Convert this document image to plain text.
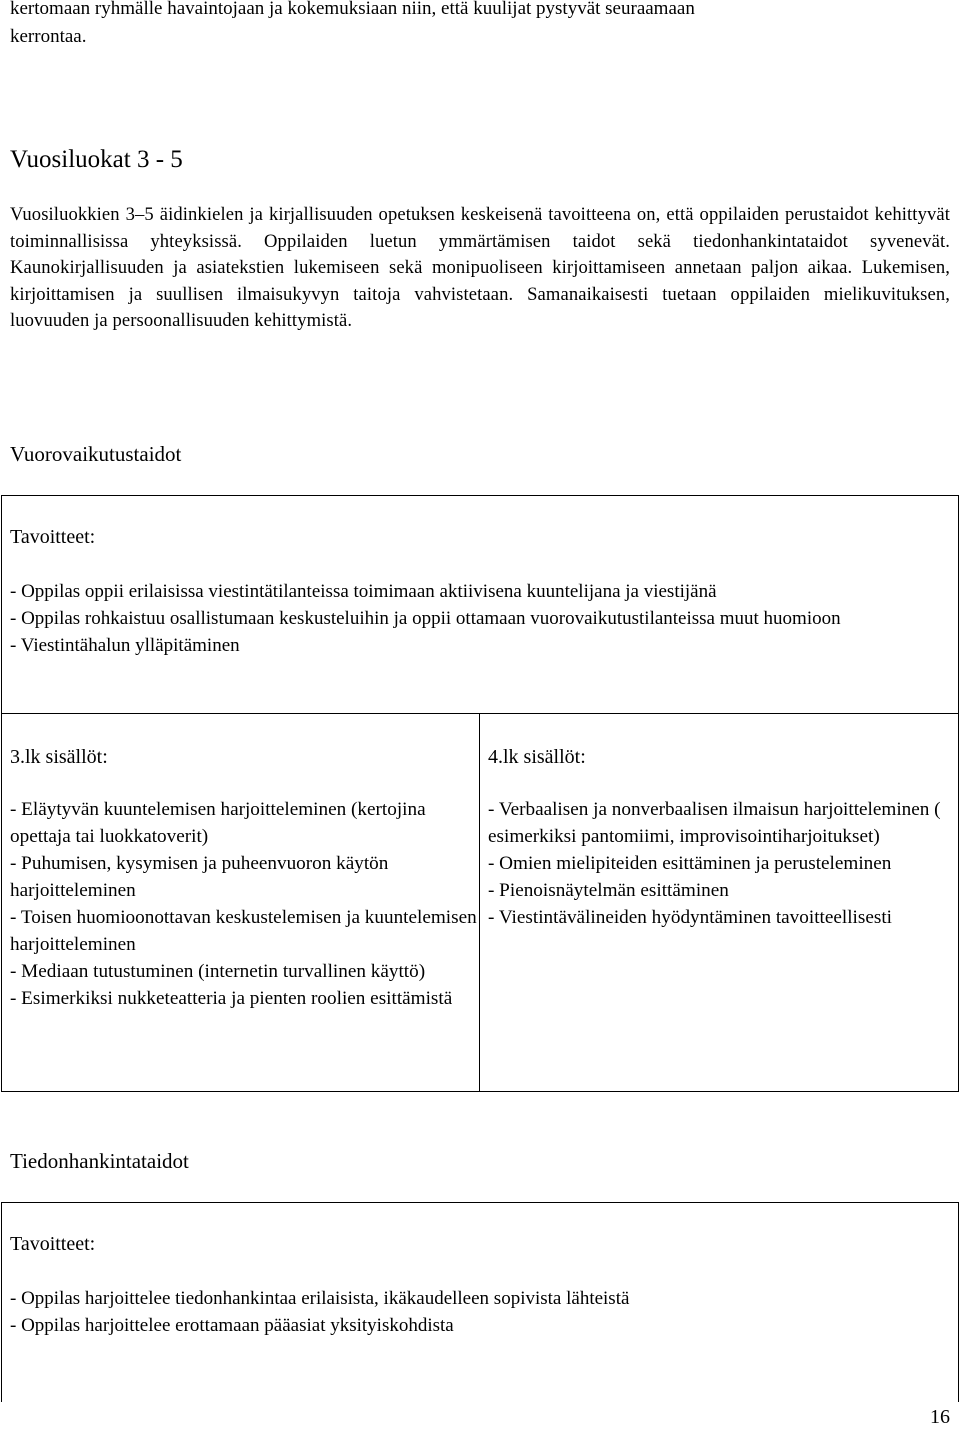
kertomaan ryhmälle havaintojaan ja kokemuksiaan niin, että kuulijat pystyvät seuraamaan

kerrontaa.

Vuosiluokat 3 - 5

Vuosiluokkien 3–5 äidinkielen ja kirjallisuuden opetuksen keskeisenä tavoitteena on, että oppilaiden perustaidot kehittyvät toiminnallisissa yhteyksissä. Oppilaiden luetun ymmärtämisen taidot sekä tiedonhankintataidot syvenevät. Kaunokirjallisuuden ja asiatekstien lukemiseen sekä monipuoliseen kirjoittamiseen annetaan paljon aikaa. Lukemisen, kirjoittamisen ja suullisen ilmaisukyvyn taitoja vahvistetaan. Samanaikaisesti tuetaan oppilaiden mielikuvituksen, luovuuden ja persoonallisuuden kehittymistä.

Vuorovaikutustaidot

Tavoitteet:

- Oppilas oppii erilaisissa viestintätilanteissa toimimaan aktiivisena kuuntelijana ja viestijänä
- Oppilas rohkaistuu osallistumaan keskusteluihin ja oppii ottamaan vuorovaikutustilanteissa muut huomioon
- Viestintähalun ylläpitäminen

3.lk sisällöt:

- Eläytyvän kuuntelemisen harjoitteleminen (kertojina opettaja tai luokkatoverit)
- Puhumisen, kysymisen ja puheenvuoron käytön harjoitteleminen
- Toisen huomioonottavan keskustelemisen ja kuuntelemisen harjoitteleminen
- Mediaan tutustuminen (internetin turvallinen käyttö)
- Esimerkiksi nukketeatteria ja pienten roolien esittämistä

4.lk sisällöt:

- Verbaalisen ja nonverbaalisen ilmaisun harjoitteleminen ( esimerkiksi pantomiimi, improvisointiharjoitukset)
- Omien mielipiteiden esittäminen ja perusteleminen
- Pienoisnäytelmän esittäminen
- Viestintävälineiden hyödyntäminen tavoitteellisesti
Tiedonhankintataidot

Tavoitteet:

- Oppilas harjoittelee tiedonhankintaa erilaisista, ikäkaudelleen sopivista lähteistä
- Oppilas harjoittelee erottamaan pääasiat yksityiskohdista
16
